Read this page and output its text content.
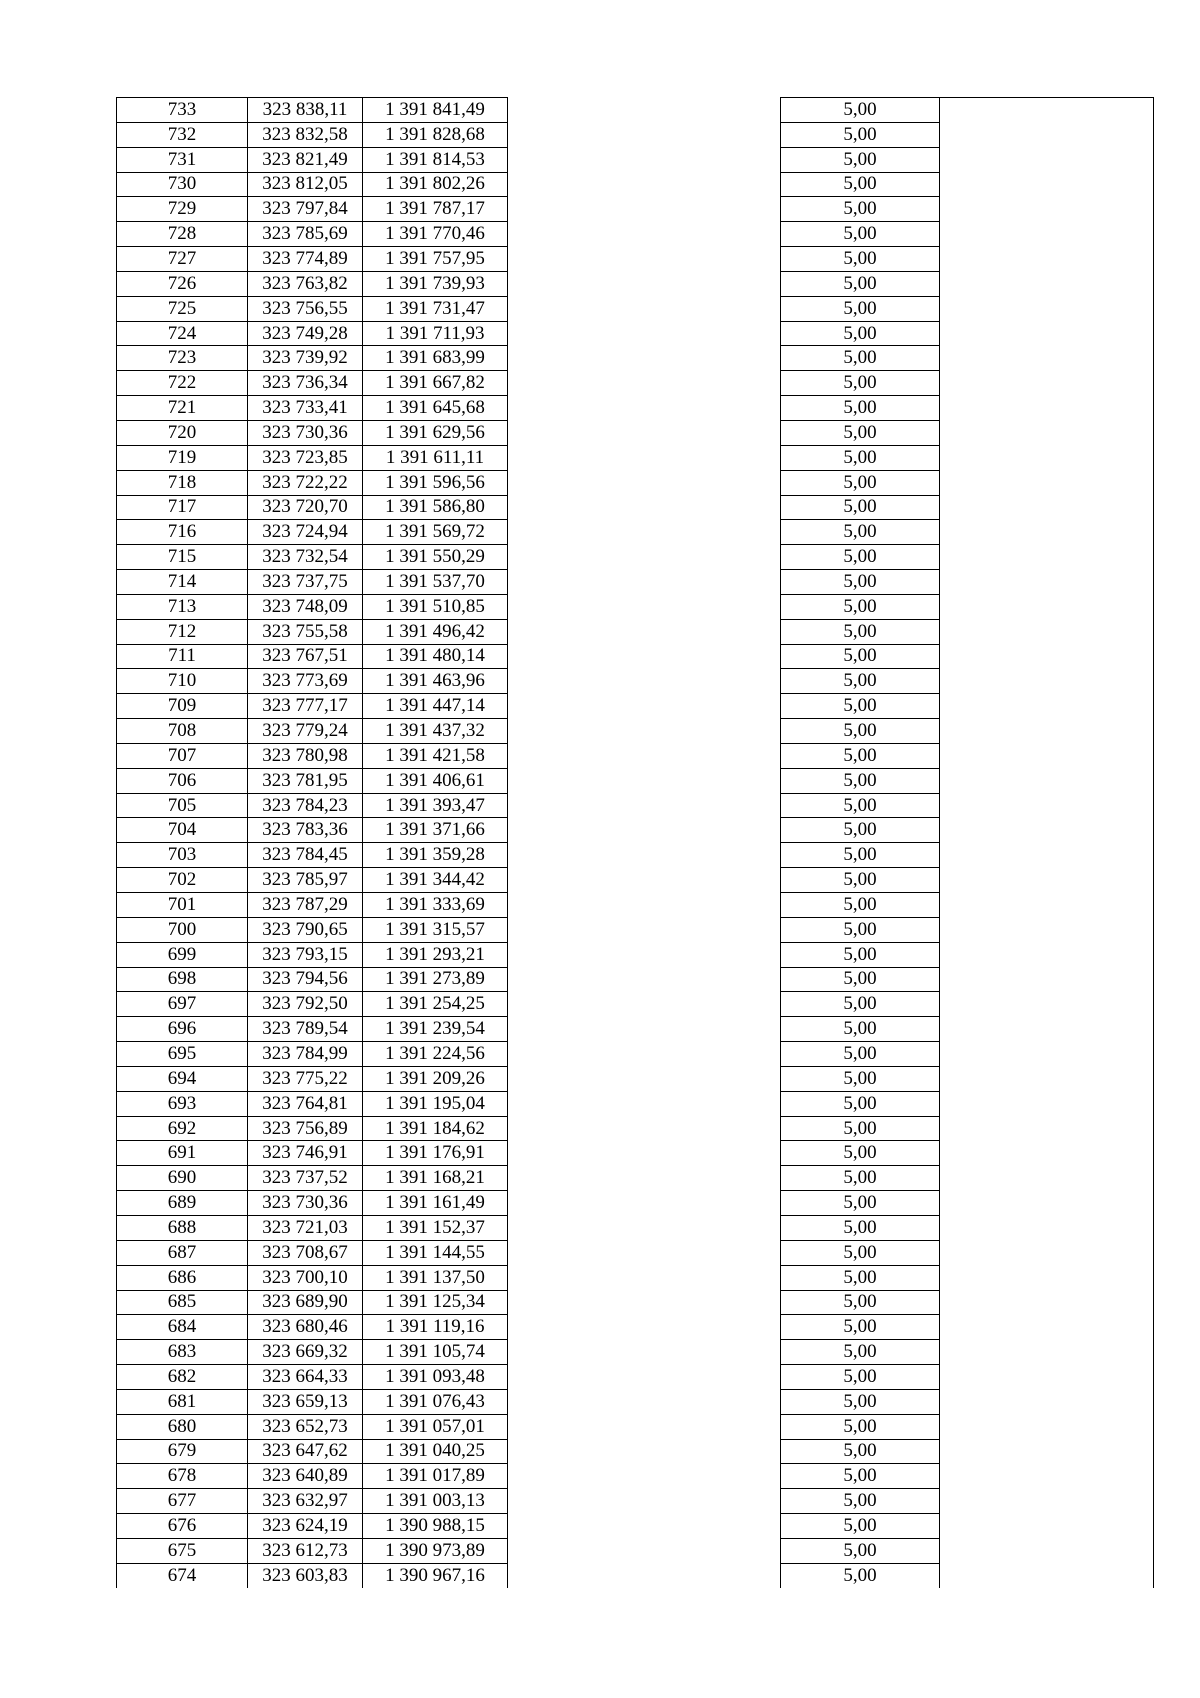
733	323 838,11	1 391 841,49		5,00	
732	323 832,58	1 391 828,68		5,00	
731	323 821,49	1 391 814,53		5,00	
730	323 812,05	1 391 802,26		5,00	
729	323 797,84	1 391 787,17		5,00	
728	323 785,69	1 391 770,46		5,00	
727	323 774,89	1 391 757,95		5,00	
726	323 763,82	1 391 739,93		5,00	
725	323 756,55	1 391 731,47		5,00	
724	323 749,28	1 391 711,93		5,00	
723	323 739,92	1 391 683,99		5,00	
722	323 736,34	1 391 667,82		5,00	
721	323 733,41	1 391 645,68		5,00	
720	323 730,36	1 391 629,56		5,00	
719	323 723,85	1 391 611,11		5,00	
718	323 722,22	1 391 596,56		5,00	
717	323 720,70	1 391 586,80		5,00	
716	323 724,94	1 391 569,72		5,00	
715	323 732,54	1 391 550,29		5,00	
714	323 737,75	1 391 537,70		5,00	
713	323 748,09	1 391 510,85		5,00	
712	323 755,58	1 391 496,42		5,00	
711	323 767,51	1 391 480,14		5,00	
710	323 773,69	1 391 463,96		5,00	
709	323 777,17	1 391 447,14		5,00	
708	323 779,24	1 391 437,32		5,00	
707	323 780,98	1 391 421,58		5,00	
706	323 781,95	1 391 406,61		5,00	
705	323 784,23	1 391 393,47		5,00	
704	323 783,36	1 391 371,66		5,00	
703	323 784,45	1 391 359,28		5,00	
702	323 785,97	1 391 344,42		5,00	
701	323 787,29	1 391 333,69		5,00	
700	323 790,65	1 391 315,57		5,00	
699	323 793,15	1 391 293,21		5,00	
698	323 794,56	1 391 273,89		5,00	
697	323 792,50	1 391 254,25		5,00	
696	323 789,54	1 391 239,54		5,00	
695	323 784,99	1 391 224,56		5,00	
694	323 775,22	1 391 209,26		5,00	
693	323 764,81	1 391 195,04		5,00	
692	323 756,89	1 391 184,62		5,00	
691	323 746,91	1 391 176,91		5,00	
690	323 737,52	1 391 168,21		5,00	
689	323 730,36	1 391 161,49		5,00	
688	323 721,03	1 391 152,37		5,00	
687	323 708,67	1 391 144,55		5,00	
686	323 700,10	1 391 137,50		5,00	
685	323 689,90	1 391 125,34		5,00	
684	323 680,46	1 391 119,16		5,00	
683	323 669,32	1 391 105,74		5,00	
682	323 664,33	1 391 093,48		5,00	
681	323 659,13	1 391 076,43		5,00	
680	323 652,73	1 391 057,01		5,00	
679	323 647,62	1 391 040,25		5,00	
678	323 640,89	1 391 017,89		5,00	
677	323 632,97	1 391 003,13		5,00	
676	323 624,19	1 390 988,15		5,00	
675	323 612,73	1 390 973,89		5,00	
674	323 603,83	1 390 967,16		5,00	
